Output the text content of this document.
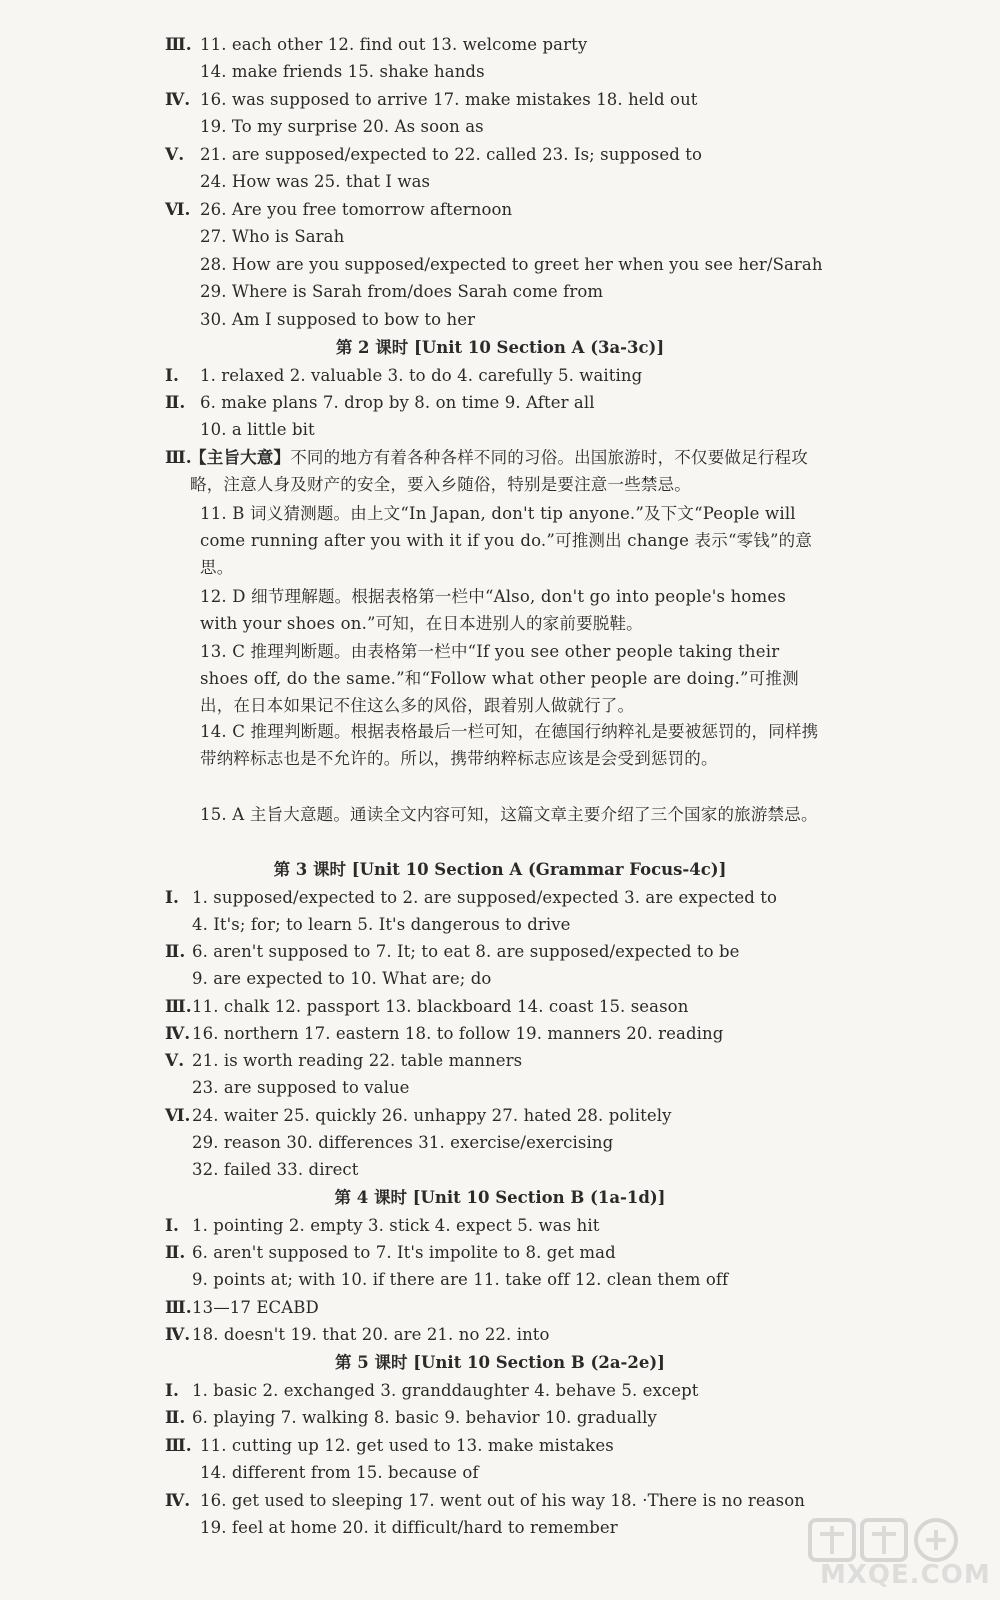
Ⅲ. 11. each other 12. find out 13. welcome party
14. make friends 15. shake hands
Ⅳ. 16. was supposed to arrive 17. make mistakes 18. held out
19. To my surprise 20. As soon as
Ⅴ. 21. are supposed/expected to 22. called 23. Is; supposed to
24. How was 25. that I was
Ⅵ. 26. Are you free tomorrow afternoon
27. Who is Sarah
28. How are you supposed/expected to greet her when you see her/Sarah
29. Where is Sarah from/does Sarah come from
30. Am I supposed to bow to her
第 2 课时 [Unit 10 Section A (3a-3c)]
Ⅰ. 1. relaxed 2. valuable 3. to do 4. carefully 5. waiting
Ⅱ. 6. make plans 7. drop by 8. on time 9. After all
10. a little bit
Ⅲ.
【主旨大意】不同的地方有着各种各样不同的习俗。出国旅游时，不仅要做足行程攻略，注意人身及财产的安全，要入乡随俗，特别是要注意一些禁忌。
11. B 词义猜测题。由上文“In Japan, don't tip anyone.”及下文“People will come running after you with it if you do.”可推测出 change 表示“零钱”的意思。
12. D 细节理解题。根据表格第一栏中“Also, don't go into people's homes with your shoes on.”可知，在日本进别人的家前要脱鞋。
13. C 推理判断题。由表格第一栏中“If you see other people taking their shoes off, do the same.”和“Follow what other people are doing.”可推测出，在日本如果记不住这么多的风俗，跟着别人做就行了。
14. C 推理判断题。根据表格最后一栏可知，在德国行纳粹礼是要被惩罚的，同样携带纳粹标志也是不允许的。所以，携带纳粹标志应该是会受到惩罚的。
15. A 主旨大意题。通读全文内容可知，这篇文章主要介绍了三个国家的旅游禁忌。
第 3 课时 [Unit 10 Section A (Grammar Focus-4c)]
Ⅰ. 1. supposed/expected to 2. are supposed/expected 3. are expected to
4. It's; for; to learn 5. It's dangerous to drive
Ⅱ. 6. aren't supposed to 7. It; to eat 8. are supposed/expected to be
9. are expected to 10. What are; do
Ⅲ. 11. chalk 12. passport 13. blackboard 14. coast 15. season
Ⅳ. 16. northern 17. eastern 18. to follow 19. manners 20. reading
Ⅴ. 21. is worth reading 22. table manners
23. are supposed to value
Ⅵ. 24. waiter 25. quickly 26. unhappy 27. hated 28. politely
29. reason 30. differences 31. exercise/exercising
32. failed 33. direct
第 4 课时 [Unit 10 Section B (1a-1d)]
Ⅰ. 1. pointing 2. empty 3. stick 4. expect 5. was hit
Ⅱ. 6. aren't supposed to 7. It's impolite to 8. get mad
9. points at; with 10. if there are 11. take off 12. clean them off
Ⅲ. 13—17 ECABD
Ⅳ. 18. doesn't 19. that 20. are 21. no 22. into
第 5 课时 [Unit 10 Section B (2a-2e)]
Ⅰ. 1. basic 2. exchanged 3. granddaughter 4. behave 5. except
Ⅱ. 6. playing 7. walking 8. basic 9. behavior 10. gradually
Ⅲ. 11. cutting up 12. get used to 13. make mistakes
14. different from 15. because of
Ⅳ. 16. get used to sleeping 17. went out of his way 18. ·There is no reason
19. feel at home 20. it difficult/hard to remember
MXQE.COM
